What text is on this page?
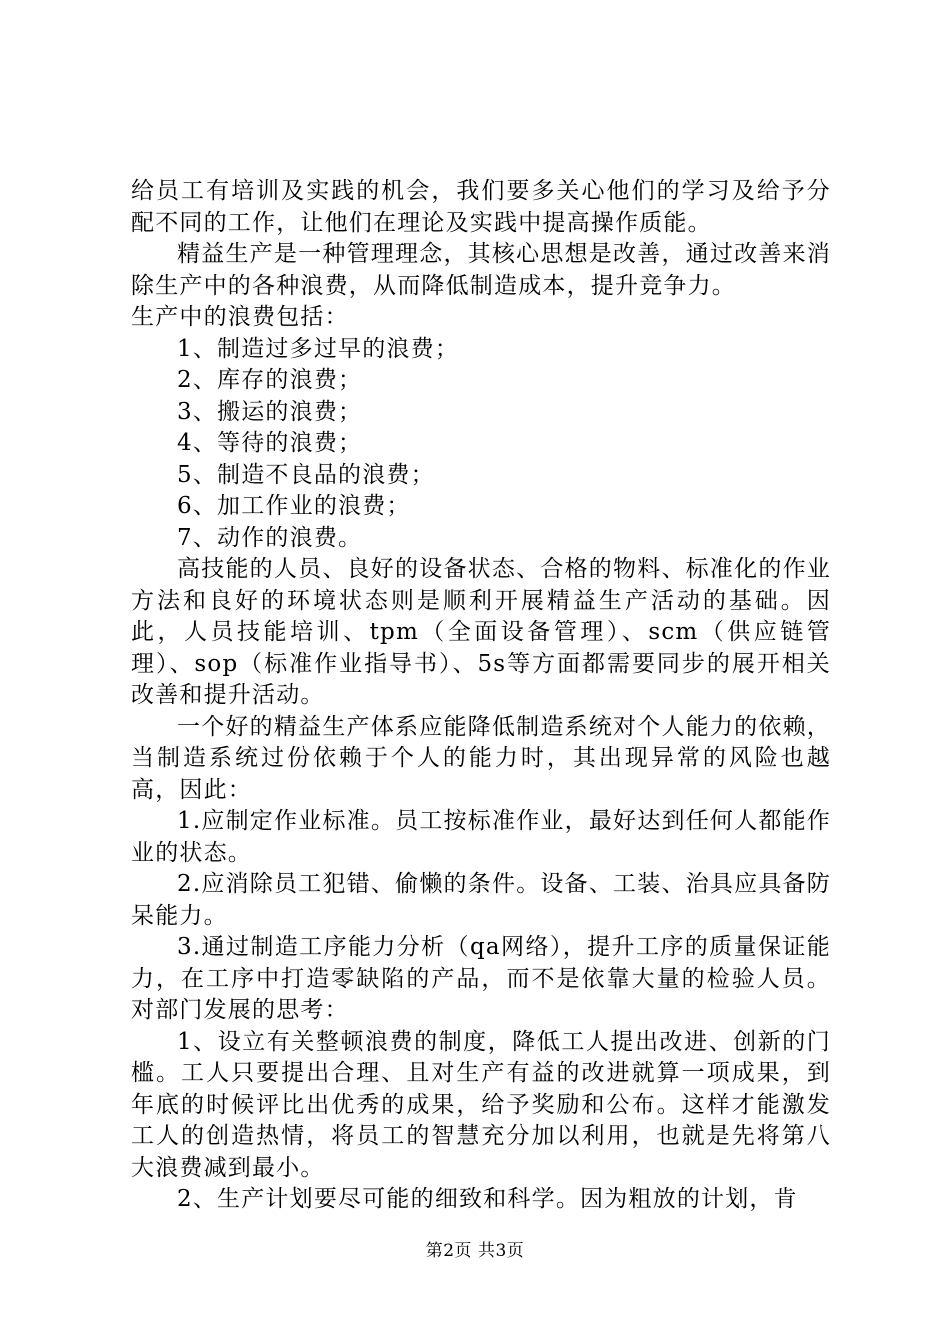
给员工有培训及实践的机会，我们要多关心他们的学习及给予分配不同的工作，让他们在理论及实践中提高操作质能。

精益生产是一种管理理念，其核心思想是改善，通过改善来消除生产中的各种浪费，从而降低制造成本，提升竞争力。

生产中的浪费包括：

1、制造过多过早的浪费；

2、库存的浪费；

3、搬运的浪费；

4、等待的浪费；

5、制造不良品的浪费；

6、加工作业的浪费；

7、动作的浪费。

高技能的人员、良好的设备状态、合格的物料、标准化的作业方法和良好的环境状态则是顺利开展精益生产活动的基础。因此，人员技能培训、tpm（全面设备管理）、scm（供应链管理）、sop（标准作业指导书）、5s等方面都需要同步的展开相关改善和提升活动。

一个好的精益生产体系应能降低制造系统对个人能力的依赖，当制造系统过份依赖于个人的能力时，其出现异常的风险也越高，因此：

1.应制定作业标准。员工按标准作业，最好达到任何人都能作业的状态。

2.应消除员工犯错、偷懒的条件。设备、工装、治具应具备防呆能力。

3.通过制造工序能力分析（qa网络），提升工序的质量保证能力，在工序中打造零缺陷的产品，而不是依靠大量的检验人员。对部门发展的思考：

1、设立有关整顿浪费的制度，降低工人提出改进、创新的门槛。工人只要提出合理、且对生产有益的改进就算一项成果，到年底的时候评比出优秀的成果，给予奖励和公布。这样才能激发工人的创造热情，将员工的智慧充分加以利用，也就是先将第八大浪费减到最小。

2、生产计划要尽可能的细致和科学。因为粗放的计划，肯

第2页 共3页
